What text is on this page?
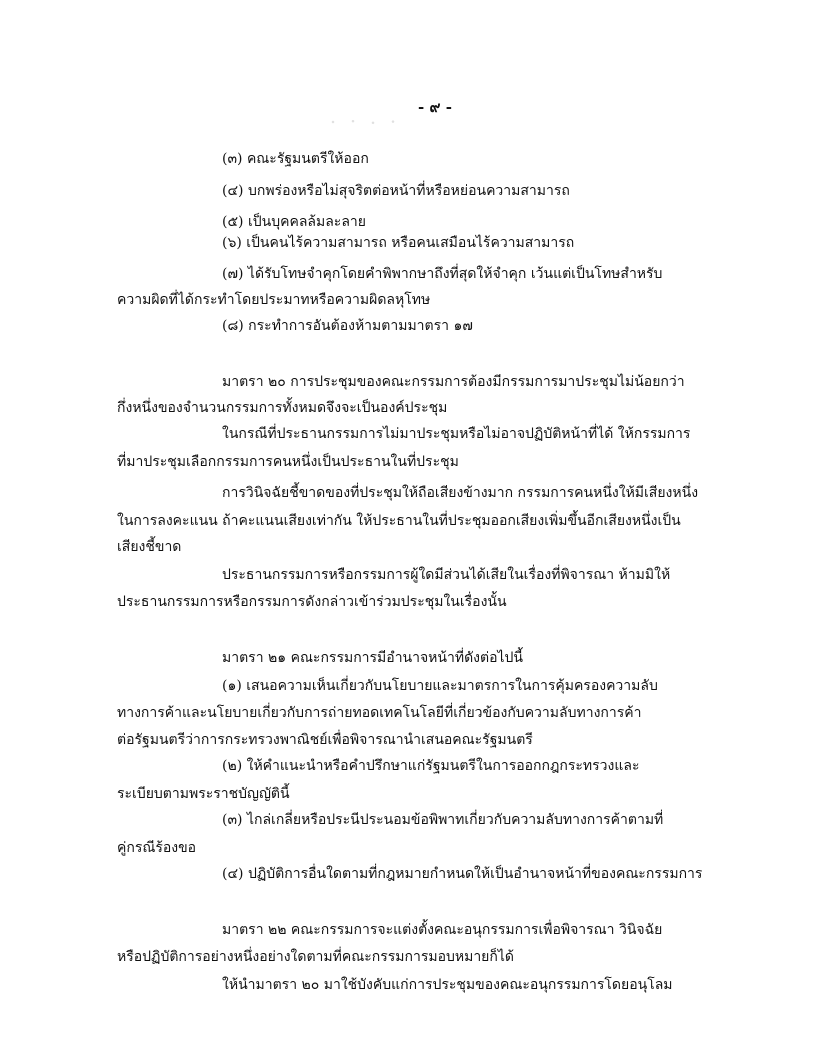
- ๙ -
(๓) คณะรัฐมนตรีให้ออก
(๔) บกพร่องหรือไม่สุจริตต่อหน้าที่หรือหย่อนความสามารถ
(๕) เป็นบุคคลล้มละลาย
(๖) เป็นคนไร้ความสามารถ หรือคนเสมือนไร้ความสามารถ
(๗) ได้รับโทษจำคุกโดยคำพิพากษาถึงที่สุดให้จำคุก เว้นแต่เป็นโทษสำหรับ
ความผิดที่ได้กระทำโดยประมาทหรือความผิดลหุโทษ
(๘) กระทำการอันต้องห้ามตามมาตรา ๑๗
มาตรา ๒๐ การประชุมของคณะกรรมการต้องมีกรรมการมาประชุมไม่น้อยกว่า
กึ่งหนึ่งของจำนวนกรรมการทั้งหมดจึงจะเป็นองค์ประชุม
ในกรณีที่ประธานกรรมการไม่มาประชุมหรือไม่อาจปฏิบัติหน้าที่ได้ ให้กรรมการ
ที่มาประชุมเลือกกรรมการคนหนึ่งเป็นประธานในที่ประชุม
การวินิจฉัยชี้ขาดของที่ประชุมให้ถือเสียงข้างมาก กรรมการคนหนึ่งให้มีเสียงหนึ่ง
ในการลงคะแนน ถ้าคะแนนเสียงเท่ากัน ให้ประธานในที่ประชุมออกเสียงเพิ่มขึ้นอีกเสียงหนึ่งเป็น
เสียงชี้ขาด
ประธานกรรมการหรือกรรมการผู้ใดมีส่วนได้เสียในเรื่องที่พิจารณา ห้ามมิให้
ประธานกรรมการหรือกรรมการดังกล่าวเข้าร่วมประชุมในเรื่องนั้น
มาตรา ๒๑ คณะกรรมการมีอำนาจหน้าที่ดังต่อไปนี้
(๑) เสนอความเห็นเกี่ยวกับนโยบายและมาตรการในการคุ้มครองความลับ
ทางการค้าและนโยบายเกี่ยวกับการถ่ายทอดเทคโนโลยีที่เกี่ยวข้องกับความลับทางการค้า
ต่อรัฐมนตรีว่าการกระทรวงพาณิชย์เพื่อพิจารณานำเสนอคณะรัฐมนตรี
(๒) ให้คำแนะนำหรือคำปรึกษาแก่รัฐมนตรีในการออกกฎกระทรวงและ
ระเบียบตามพระราชบัญญัตินี้
(๓) ไกล่เกลี่ยหรือประนีประนอมข้อพิพาทเกี่ยวกับความลับทางการค้าตามที่
คู่กรณีร้องขอ
(๔) ปฏิบัติการอื่นใดตามที่กฎหมายกำหนดให้เป็นอำนาจหน้าที่ของคณะกรรมการ
มาตรา ๒๒ คณะกรรมการจะแต่งตั้งคณะอนุกรรมการเพื่อพิจารณา วินิจฉัย
หรือปฏิบัติการอย่างหนึ่งอย่างใดตามที่คณะกรรมการมอบหมายก็ได้
ให้นำมาตรา ๒๐ มาใช้บังคับแก่การประชุมของคณะอนุกรรมการโดยอนุโลม
